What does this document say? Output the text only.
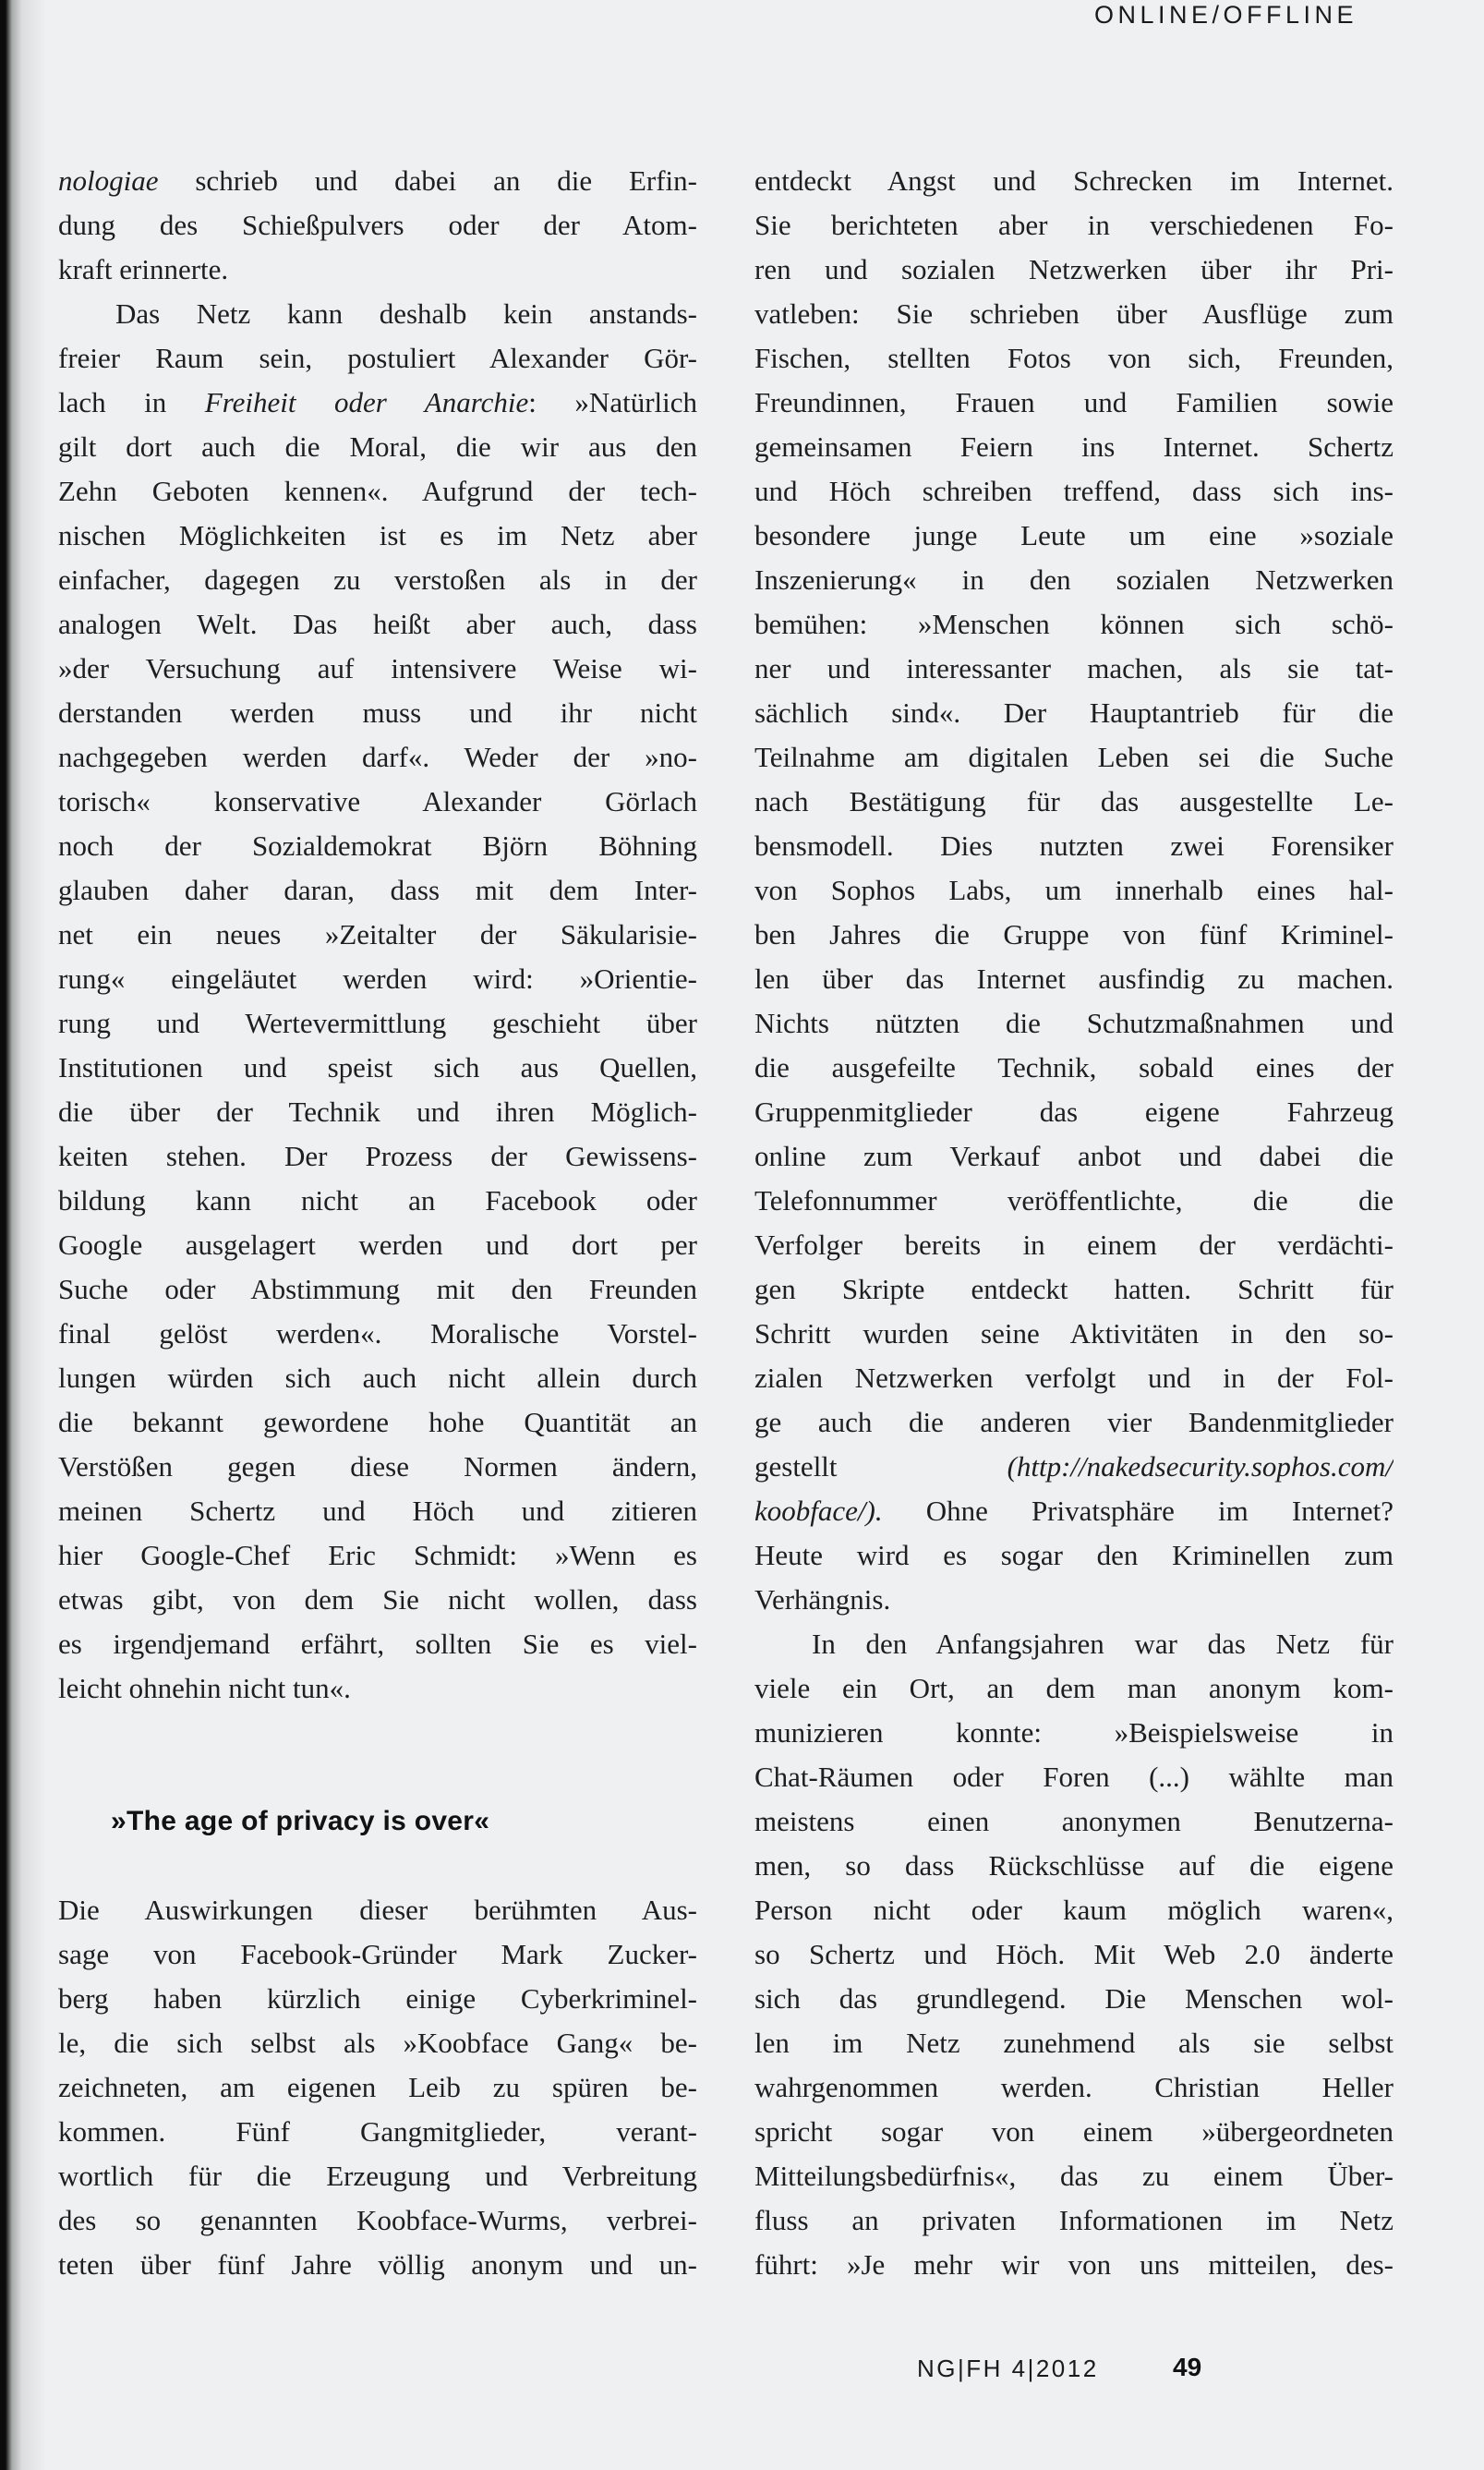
ONLINE/OFFLINE
nologiae schrieb und dabei an die Erfin-
dung des Schießpulvers oder der Atom-
kraft erinnerte.
Das Netz kann deshalb kein anstands-
freier Raum sein, postuliert Alexander Gör-
lach in Freiheit oder Anarchie: »Natürlich
gilt dort auch die Moral, die wir aus den
Zehn Geboten kennen«. Aufgrund der tech-
nischen Möglichkeiten ist es im Netz aber
einfacher, dagegen zu verstoßen als in der
analogen Welt. Das heißt aber auch, dass
»der Versuchung auf intensivere Weise wi-
derstanden werden muss und ihr nicht
nachgegeben werden darf«. Weder der »no-
torisch« konservative Alexander Görlach
noch der Sozialdemokrat Björn Böhning
glauben daher daran, dass mit dem Inter-
net ein neues »Zeitalter der Säkularisie-
rung« eingeläutet werden wird: »Orientie-
rung und Wertevermittlung geschieht über
Institutionen und speist sich aus Quellen,
die über der Technik und ihren Möglich-
keiten stehen. Der Prozess der Gewissens-
bildung kann nicht an Facebook oder
Google ausgelagert werden und dort per
Suche oder Abstimmung mit den Freunden
final gelöst werden«. Moralische Vorstel-
lungen würden sich auch nicht allein durch
die bekannt gewordene hohe Quantität an
Verstößen gegen diese Normen ändern,
meinen Schertz und Höch und zitieren
hier Google-Chef Eric Schmidt: »Wenn es
etwas gibt, von dem Sie nicht wollen, dass
es irgendjemand erfährt, sollten Sie es viel-
leicht ohnehin nicht tun«.
»The age of privacy is over«
Die Auswirkungen dieser berühmten Aus-
sage von Facebook-Gründer Mark Zucker-
berg haben kürzlich einige Cyberkriminel-
le, die sich selbst als »Koobface Gang« be-
zeichneten, am eigenen Leib zu spüren be-
kommen. Fünf Gangmitglieder, verant-
wortlich für die Erzeugung und Verbreitung
des so genannten Koobface-Wurms, verbrei-
teten über fünf Jahre völlig anonym und un-
entdeckt Angst und Schrecken im Internet.
Sie berichteten aber in verschiedenen Fo-
ren und sozialen Netzwerken über ihr Pri-
vatleben: Sie schrieben über Ausflüge zum
Fischen, stellten Fotos von sich, Freunden,
Freundinnen, Frauen und Familien sowie
gemeinsamen Feiern ins Internet. Schertz
und Höch schreiben treffend, dass sich ins-
besondere junge Leute um eine »soziale
Inszenierung« in den sozialen Netzwerken
bemühen: »Menschen können sich schö-
ner und interessanter machen, als sie tat-
sächlich sind«. Der Hauptantrieb für die
Teilnahme am digitalen Leben sei die Suche
nach Bestätigung für das ausgestellte Le-
bensmodell. Dies nutzten zwei Forensiker
von Sophos Labs, um innerhalb eines hal-
ben Jahres die Gruppe von fünf Kriminel-
len über das Internet ausfindig zu machen.
Nichts nützten die Schutzmaßnahmen und
die ausgefeilte Technik, sobald eines der
Gruppenmitglieder das eigene Fahrzeug
online zum Verkauf anbot und dabei die
Telefonnummer veröffentlichte, die die
Verfolger bereits in einem der verdächti-
gen Skripte entdeckt hatten. Schritt für
Schritt wurden seine Aktivitäten in den so-
zialen Netzwerken verfolgt und in der Fol-
ge auch die anderen vier Bandenmitglieder
gestellt (http://nakedsecurity.sophos.com/
koobface/). Ohne Privatsphäre im Internet?
Heute wird es sogar den Kriminellen zum
Verhängnis.
In den Anfangsjahren war das Netz für
viele ein Ort, an dem man anonym kom-
munizieren konnte: »Beispielsweise in
Chat-Räumen oder Foren (...) wählte man
meistens einen anonymen Benutzerna-
men, so dass Rückschlüsse auf die eigene
Person nicht oder kaum möglich waren«,
so Schertz und Höch. Mit Web 2.0 änderte
sich das grundlegend. Die Menschen wol-
len im Netz zunehmend als sie selbst
wahrgenommen werden. Christian Heller
spricht sogar von einem »übergeordneten
Mitteilungsbedürfnis«, das zu einem Über-
fluss an privaten Informationen im Netz
führt: »Je mehr wir von uns mitteilen, des-
NG|FH 4|2012	49
